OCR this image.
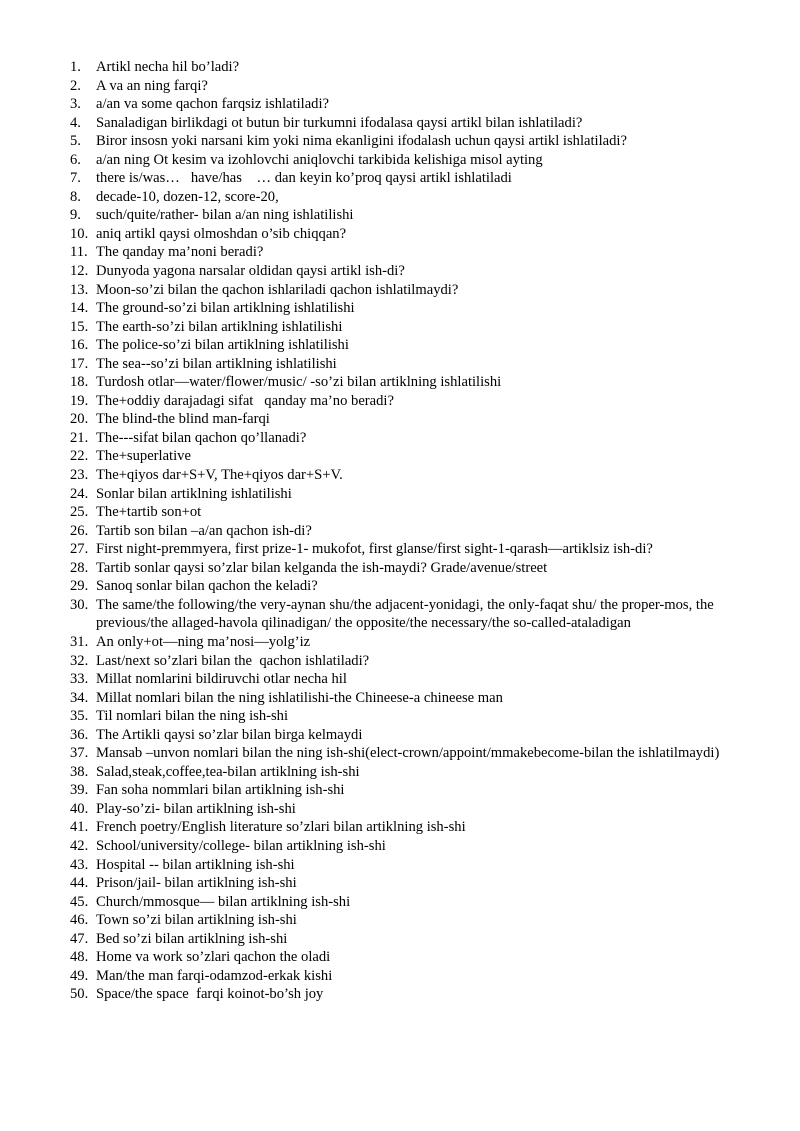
1.	Artikl necha hil bo’ladi?
2.	A va an ning farqi?
3.	a/an va some qachon farqsiz ishlatiladi?
4.	Sanaladigan birlikdagi ot butun bir turkumni ifodalasa qaysi artikl bilan ishlatiladi?
5.	Biror insosn yoki narsani kim yoki nima ekanligini ifodalash uchun qaysi artikl ishlatiladi?
6.	a/an ning Ot kesim va izohlovchi aniqlovchi tarkibida kelishiga misol ayting
7.	there is/was…   have/has    … dan keyin ko’proq qaysi artikl ishlatiladi
8.	decade-10, dozen-12, score-20,
9.	such/quite/rather- bilan a/an ning ishlatilishi
10. aniq artikl qaysi olmoshdan o’sib chiqqan?
11. The qanday ma’noni beradi?
12. Dunyoda yagona narsalar oldidan qaysi artikl ish-di?
13. Moon-so’zi bilan the qachon ishlariladi qachon ishlatilmaydi?
14. The ground-so’zi bilan artiklning ishlatilishi
15. The earth-so’zi bilan artiklning ishlatilishi
16. The police-so’zi bilan artiklning ishlatilishi
17. The sea--so’zi bilan artiklning ishlatilishi
18. Turdosh otlar—water/flower/music/ -so’zi bilan artiklning ishlatilishi
19. The+oddiy darajadagi sifat   qanday ma’no beradi?
20. The blind-the blind man-farqi
21. The---sifat bilan qachon qo’llanadi?
22. The+superlative
23. The+qiyos dar+S+V, The+qiyos dar+S+V.
24. Sonlar bilan artiklning ishlatilishi
25. The+tartib son+ot
26. Tartib son bilan –a/an qachon ish-di?
27. First night-premmyera, first prize-1- mukofot, first glanse/first sight-1-qarash—artiklsiz ish-di?
28. Tartib sonlar qaysi so’zlar bilan kelganda the ish-maydi? Grade/avenue/street
29. Sanoq sonlar bilan qachon the keladi?
30. The same/the following/the very-aynan shu/the adjacent-yonidagi, the only-faqat shu/ the proper-mos, the previous/the allaged-havola qilinadigan/ the opposite/the necessary/the so-called-ataladigan
31. An only+ot—ning ma’nosi—yolg’iz
32. Last/next so’zlari bilan the  qachon ishlatiladi?
33. Millat nomlarini bildiruvchi otlar necha hil
34. Millat nomlari bilan the ning ishlatilishi-the Chineese-a chineese man
35. Til nomlari bilan the ning ish-shi
36. The Artikli qaysi so’zlar bilan birga kelmaydi
37. Mansab –unvon nomlari bilan the ning ish-shi(elect-crown/appoint/mmakebecome-bilan the ishlatilmaydi)
38. Salad,steak,coffee,tea-bilan artiklning ish-shi
39. Fan soha nommlari bilan artiklning ish-shi
40. Play-so’zi- bilan artiklning ish-shi
41. French poetry/English literature so’zlari bilan artiklning ish-shi
42. School/university/college- bilan artiklning ish-shi
43. Hospital -- bilan artiklning ish-shi
44. Prison/jail- bilan artiklning ish-shi
45. Church/mmosque— bilan artiklning ish-shi
46. Town so’zi bilan artiklning ish-shi
47. Bed so’zi bilan artiklning ish-shi
48. Home va work so’zlari qachon the oladi
49. Man/the man farqi-odamzod-erkak kishi
50. Space/the space  farqi koinot-bo’sh joy
